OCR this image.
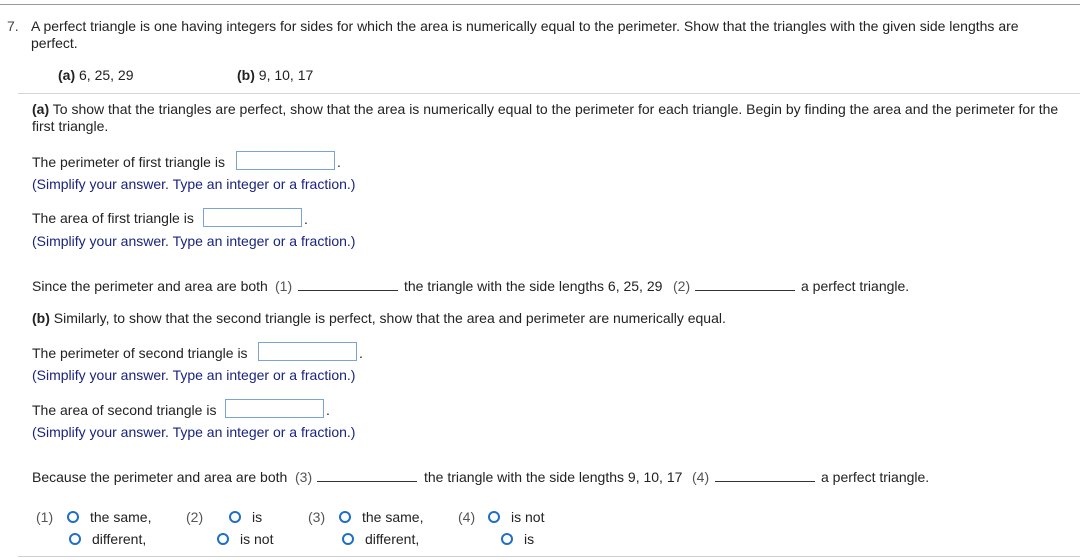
7. A perfect triangle is one having integers for sides for which the area is numerically equal to the perimeter. Show that the triangles with the given side lengths are perfect.
(a) 6, 25, 29	(b) 9, 10, 17
(a) To show that the triangles are perfect, show that the area is numerically equal to the perimeter for each triangle. Begin by finding the area and the perimeter for the first triangle.
The perimeter of first triangle is	.
(Simplify your answer. Type an integer or a fraction.)
The area of first triangle is	.
(Simplify your answer. Type an integer or a fraction.)
Since the perimeter and area are both (1)	the triangle with the side lengths 6, 25, 29 (2)	a perfect triangle.
(b) Similarly, to show that the second triangle is perfect, show that the area and perimeter are numerically equal.
The perimeter of second triangle is	.
(Simplify your answer. Type an integer or a fraction.)
The area of second triangle is	.
(Simplify your answer. Type an integer or a fraction.)
Because the perimeter and area are both (3)	the triangle with the side lengths 9, 10, 17 (4)	a perfect triangle.
(1)	the same,
different,
(2)	is
is not
(3)	the same,
different,
(4)	is not
is
